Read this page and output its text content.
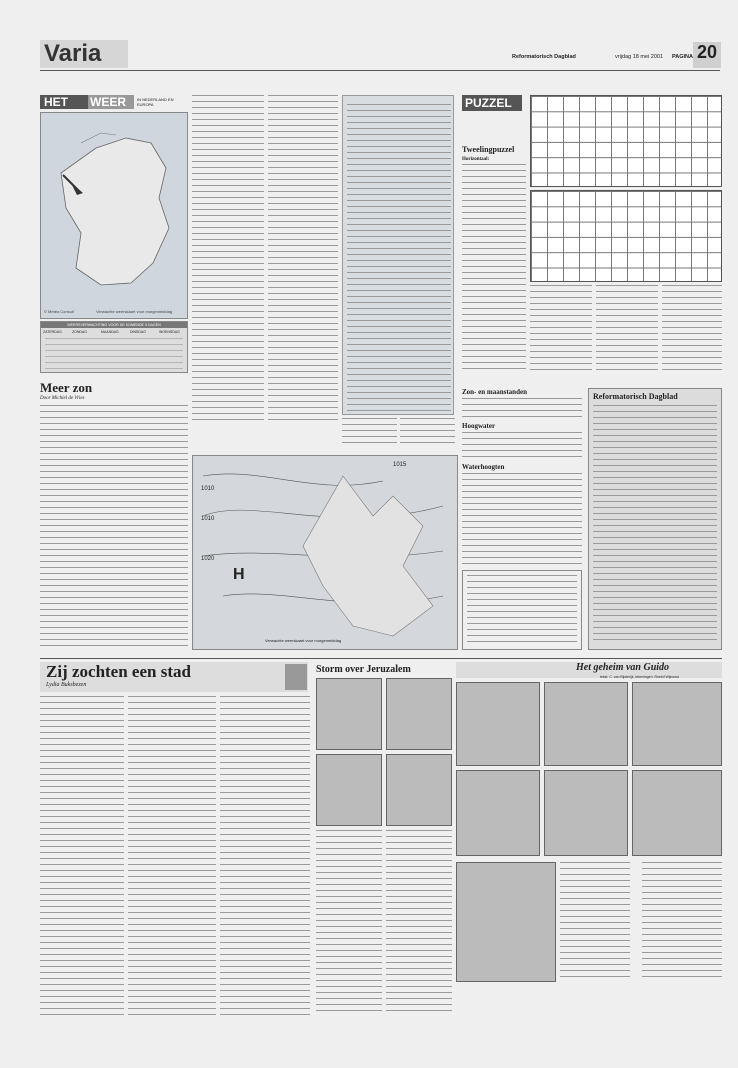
Varia	Reformatorisch Dagblad	vrijdag 18 mei 2001 PAGINA 20
HET WEER	IN NEDERLAND EN EUROPA
© Meteo Consult	Verwachte weerskaart voor morgenmiddag
WEERSVERWACHTING VOOR DE KOMENDE 5 DAGEN
ZATERDAG	ZONDAG	MAANDAG	DINSDAG	WOENSDAG
Meer zon
Door Michiel de Vries
1010
1010
1020
1015
H
Verwachte weerskaart voor morgenmiddag
PUZZEL
Tweelingpuzzel
Horizontaal:
Zon- en maanstanden
Hoogwater
Waterhoogten
Reformatorisch Dagblad
Zij zochten een stad
Lydia Buksbezen
Storm over Jeruzalem	Het geheim van Guido
tekst: C. van Bijsterijk, tekeningen: Roelof Wijnsma
